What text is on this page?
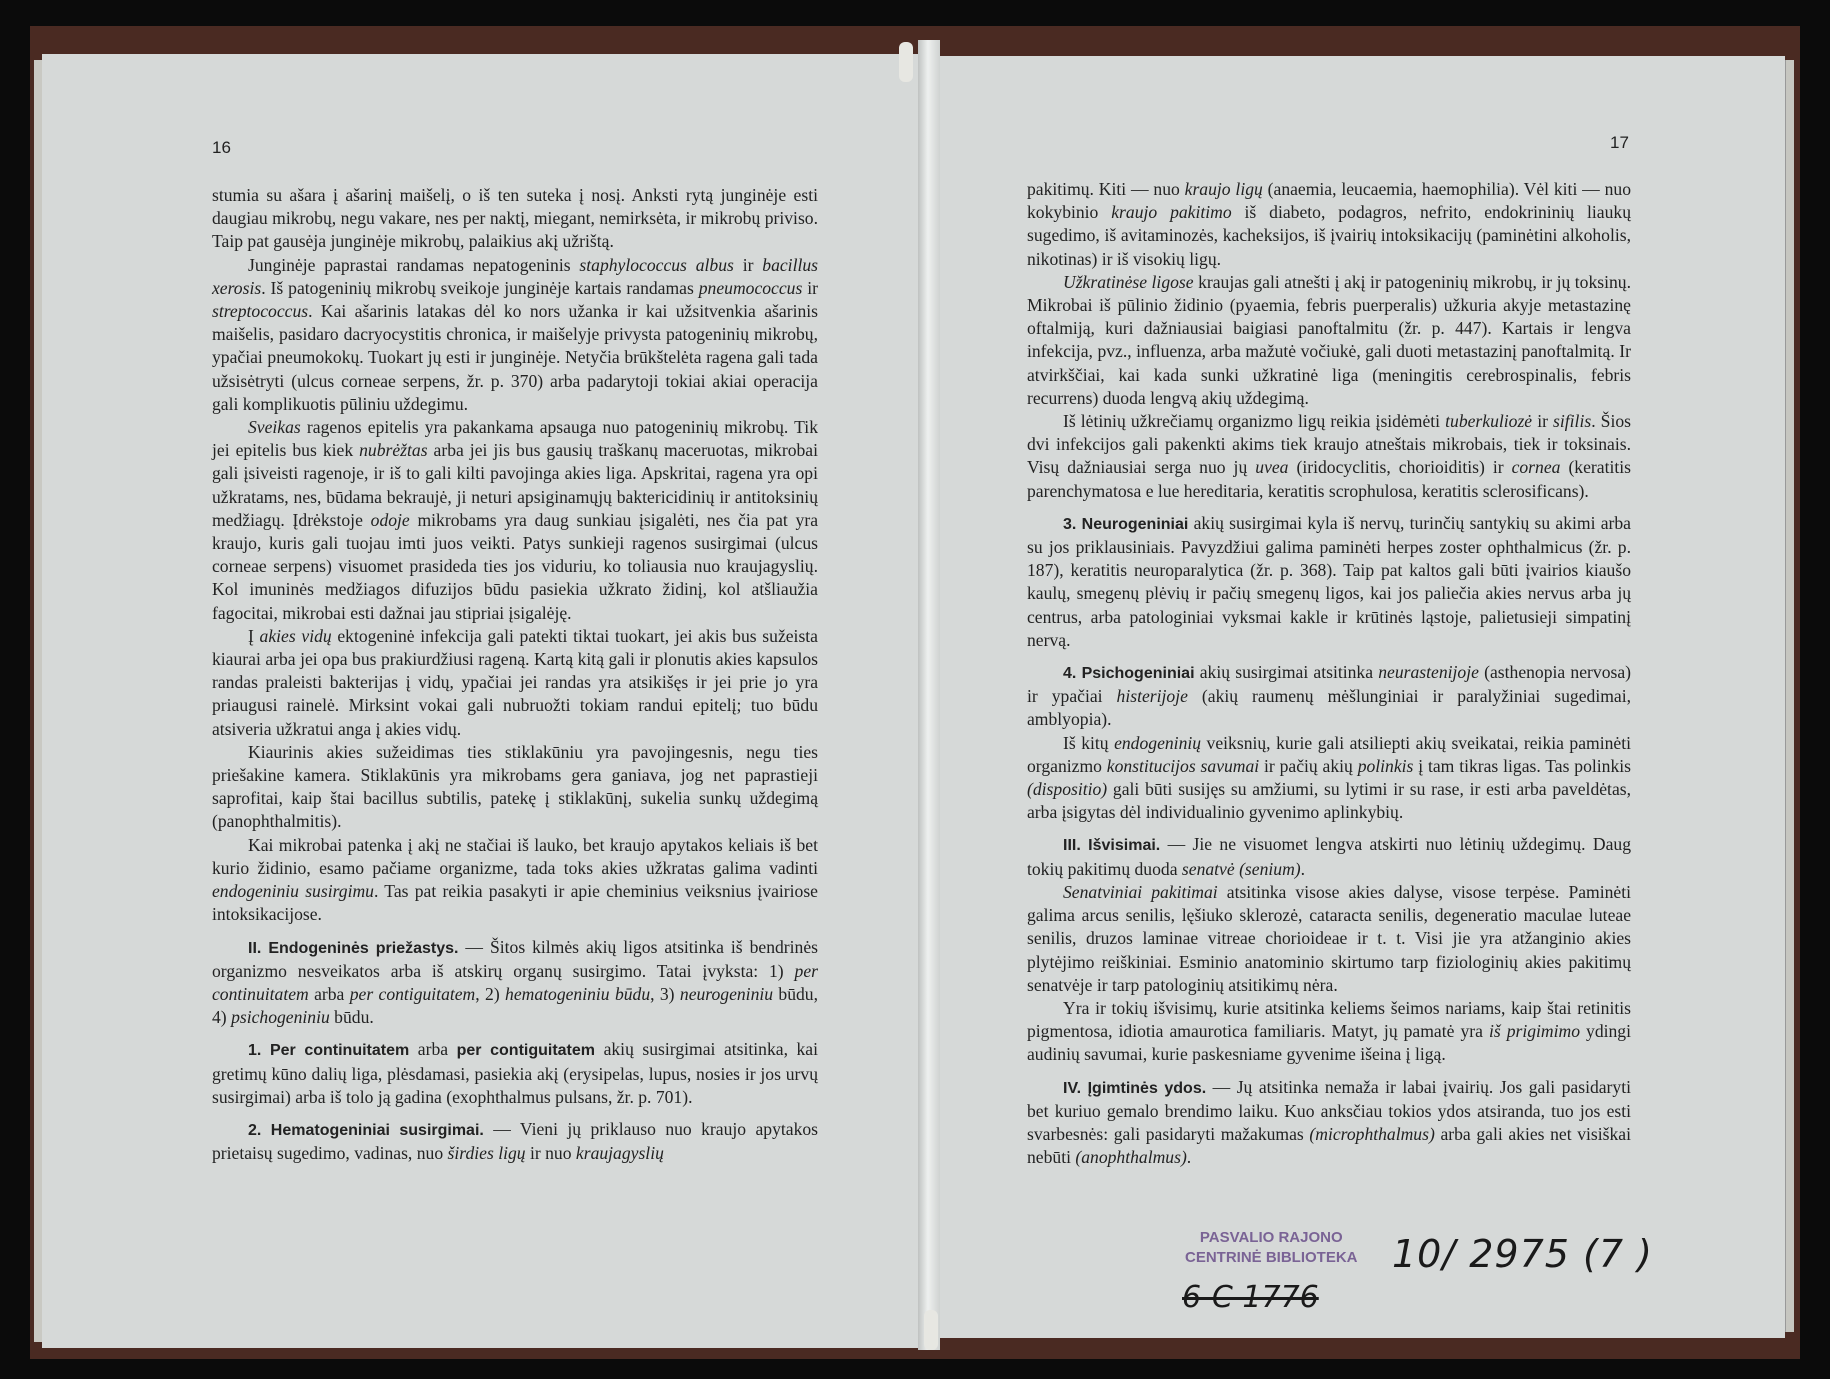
16	17

stumia su ašara į ašarinį maišelį, o iš ten suteka į nosį. Anksti rytą junginėje esti daugiau mikrobų, negu vakare, nes per naktį, miegant, nemirksėta, ir mikrobų priviso. Taip pat gausėja junginėje mikrobų, palaikius akį užrištą.

Junginėje paprastai randamas nepatogeninis staphylococcus albus ir bacillus xerosis. Iš patogeninių mikrobų sveikoje junginėje kartais randamas pneumococcus ir streptococcus. Kai ašarinis latakas dėl ko nors užanka ir kai užsitvenkia ašarinis maišelis, pasidaro dacryocystitis chronica, ir maišelyje privysta patogeninių mikrobų, ypačiai pneumokokų. Tuokart jų esti ir junginėje. Netyčia brūkštelėta ragena gali tada užsisėtryti (ulcus corneae serpens, žr. p. 370) arba padarytoji tokiai akiai operacija gali komplikuotis pūliniu uždegimu.

Sveikas ragenos epitelis yra pakankama apsauga nuo patogeninių mikrobų. Tik jei epitelis bus kiek nubrėžtas arba jei jis bus gausių traškanų maceruotas, mikrobai gali įsiveisti ragenoje, ir iš to gali kilti pavojinga akies liga. Apskritai, ragena yra opi užkratams, nes, būdama bekraujė, ji neturi apsiginamųjų baktericidinių ir antitoksinių medžiagų. Įdrėkstoje odoje mikrobams yra daug sunkiau įsigalėti, nes čia pat yra kraujo, kuris gali tuojau imti juos veikti. Patys sunkieji ragenos susirgimai (ulcus corneae serpens) visuomet prasideda ties jos viduriu, ko toliausia nuo kraujagyslių. Kol imuninės medžiagos difuzijos būdu pasiekia užkrato židinį, kol atšliaužia fagocitai, mikrobai esti dažnai jau stipriai įsigalėję.

Į akies vidų ektogeninė infekcija gali patekti tiktai tuokart, jei akis bus sužeista kiaurai arba jei opa bus prakiurdžiusi rageną. Kartą kitą gali ir plonutis akies kapsulos randas praleisti bakterijas į vidų, ypačiai jei randas yra atsikišęs ir jei prie jo yra priaugusi rainelė. Mirksint vokai gali nubruožti tokiam randui epitelį; tuo būdu atsiveria užkratui anga į akies vidų.

Kiaurinis akies sužeidimas ties stiklakūniu yra pavojingesnis, negu ties priešakine kamera. Stiklakūnis yra mikrobams gera ganiava, jog net paprastieji saprofitai, kaip štai bacillus subtilis, patekę į stiklakūnį, sukelia sunkų uždegimą (panophthalmitis).

Kai mikrobai patenka į akį ne stačiai iš lauko, bet kraujo apytakos keliais iš bet kurio židinio, esamo pačiame organizme, tada toks akies užkratas galima vadinti endogeniniu susirgimu. Tas pat reikia pasakyti ir apie cheminius veiksnius įvairiose intoksikacijose.

II. Endogeninės priežastys. — Šitos kilmės akių ligos atsitinka iš bendrinės organizmo nesveikatos arba iš atskirų organų susirgimo. Tatai įvyksta: 1) per continuitatem arba per contiguitatem, 2) hematogeniniu būdu, 3) neurogeniniu būdu, 4) psichogeniniu būdu.

1. Per continuitatem arba per contiguitatem akių susirgimai atsitinka, kai gretimų kūno dalių liga, plėsdamasi, pasiekia akį (erysipelas, lupus, nosies ir jos urvų susirgimai) arba iš tolo ją gadina (exophthalmus pulsans, žr. p. 701).

2. Hematogeniniai susirgimai. — Vieni jų priklauso nuo kraujo apytakos prietaisų sugedimo, vadinas, nuo širdies ligų ir nuo kraujagyslių

pakitimų. Kiti — nuo kraujo ligų (anaemia, leucaemia, haemophilia). Vėl kiti — nuo kokybinio kraujo pakitimo iš diabeto, podagros, nefrito, endokrininių liaukų sugedimo, iš avitaminozės, kacheksijos, iš įvairių intoksikacijų (paminėtini alkoholis, nikotinas) ir iš visokių ligų.

Užkratinėse ligose kraujas gali atnešti į akį ir patogeninių mikrobų, ir jų toksinų. Mikrobai iš pūlinio židinio (pyaemia, febris puerperalis) užkuria akyje metastazinę oftalmiją, kuri dažniausiai baigiasi panoftalmitu (žr. p. 447). Kartais ir lengva infekcija, pvz., influenza, arba mažutė vočiukė, gali duoti metastazinį panoftalmitą. Ir atvirkščiai, kai kada sunki užkratinė liga (meningitis cerebrospinalis, febris recurrens) duoda lengvą akių uždegimą.

Iš lėtinių užkrečiamų organizmo ligų reikia įsidėmėti tuberkuliozė ir sifilis. Šios dvi infekcijos gali pakenkti akims tiek kraujo atneštais mikrobais, tiek ir toksinais. Visų dažniausiai serga nuo jų uvea (iridocyclitis, chorioiditis) ir cornea (keratitis parenchymatosa e lue hereditaria, keratitis scrophulosa, keratitis sclerosificans).

3. Neurogeniniai akių susirgimai kyla iš nervų, turinčių santykių su akimi arba su jos priklausiniais. Pavyzdžiui galima paminėti herpes zoster ophthalmicus (žr. p. 187), keratitis neuroparalytica (žr. p. 368). Taip pat kaltos gali būti įvairios kiaušo kaulų, smegenų plėvių ir pačių smegenų ligos, kai jos paliečia akies nervus arba jų centrus, arba patologiniai vyksmai kakle ir krūtinės ląstoje, palietusieji simpatinį nervą.

4. Psichogeniniai akių susirgimai atsitinka neurastenijoje (asthenopia nervosa) ir ypačiai histerijoje (akių raumenų mėšlunginiai ir paralyžiniai sugedimai, amblyopia).

Iš kitų endogeninių veiksnių, kurie gali atsiliepti akių sveikatai, reikia paminėti organizmo konstitucijos savumai ir pačių akių polinkis į tam tikras ligas. Tas polinkis (dispositio) gali būti susijęs su amžiumi, su lytimi ir su rase, ir esti arba paveldėtas, arba įsigytas dėl individualinio gyvenimo aplinkybių.

III. Išvisimai. — Jie ne visuomet lengva atskirti nuo lėtinių uždegimų. Daug tokių pakitimų duoda senatvė (senium).

Senatviniai pakitimai atsitinka visose akies dalyse, visose terpėse. Paminėti galima arcus senilis, lęšiuko sklerozė, cataracta senilis, degeneratio maculae luteae senilis, druzos laminae vitreae chorioideae ir t. t. Visi jie yra atžanginio akies plytėjimo reiškiniai. Esminio anatominio skirtumo tarp fiziologinių akies pakitimų senatvėje ir tarp patologinių atsitikimų nėra.

Yra ir tokių išvisimų, kurie atsitinka keliems šeimos nariams, kaip štai retinitis pigmentosa, idiotia amaurotica familiaris. Matyt, jų pamatė yra iš prigimimo ydingi audinių savumai, kurie paskesniame gyvenime išeina į ligą.

IV. Įgimtinės ydos. — Jų atsitinka nemaža ir labai įvairių. Jos gali pasidaryti bet kuriuo gemalo brendimo laiku. Kuo anksčiau tokios ydos atsiranda, tuo jos esti svarbesnės: gali pasidaryti mažakumas (microphthalmus) arba gali akies net visiškai nebūti (anophthalmus).

PASVALIO RAJONO
CENTRINĖ BIBLIOTEKA 10/ 2975 (7 )
6-C 1776
